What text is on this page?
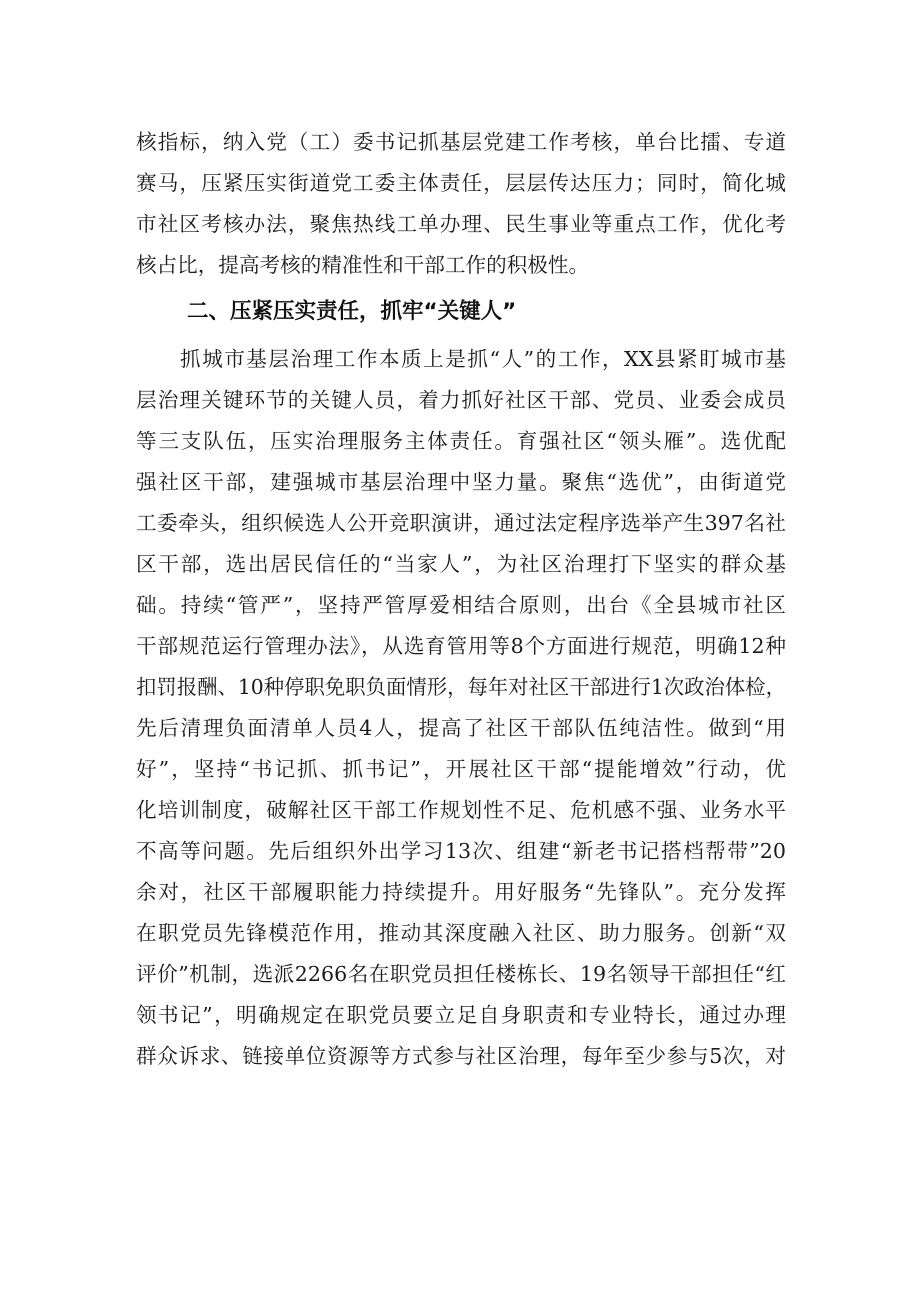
核指标，纳入党（工）委书记抓基层党建工作考核，单台比擂、专道
赛马，压紧压实街道党工委主体责任，层层传达压力；同时，简化城
市社区考核办法，聚焦热线工单办理、民生事业等重点工作，优化考
核占比，提高考核的精准性和干部工作的积极性。
二、压紧压实责任，抓牢“关键人”
抓城市基层治理工作本质上是抓“人”的工作，XX县紧盯城市基
层治理关键环节的关键人员，着力抓好社区干部、党员、业委会成员
等三支队伍，压实治理服务主体责任。育强社区“领头雁”。选优配
强社区干部，建强城市基层治理中坚力量。聚焦“选优”，由街道党
工委牵头，组织候选人公开竞职演讲，通过法定程序选举产生397名社
区干部，选出居民信任的“当家人”，为社区治理打下坚实的群众基
础。持续“管严”，坚持严管厚爱相结合原则，出台《全县城市社区
干部规范运行管理办法》，从选育管用等8个方面进行规范，明确12种
扣罚报酬、10种停职免职负面情形，每年对社区干部进行1次政治体检，
先后清理负面清单人员4人，提高了社区干部队伍纯洁性。做到“用
好”，坚持“书记抓、抓书记”，开展社区干部“提能增效”行动，优
化培训制度，破解社区干部工作规划性不足、危机感不强、业务水平
不高等问题。先后组织外出学习13次、组建“新老书记搭档帮带”20
余对，社区干部履职能力持续提升。用好服务“先锋队”。充分发挥
在职党员先锋模范作用，推动其深度融入社区、助力服务。创新“双
评价”机制，选派2266名在职党员担任楼栋长、19名领导干部担任“红
领书记”，明确规定在职党员要立足自身职责和专业特长，通过办理
群众诉求、链接单位资源等方式参与社区治理，每年至少参与5次，对
